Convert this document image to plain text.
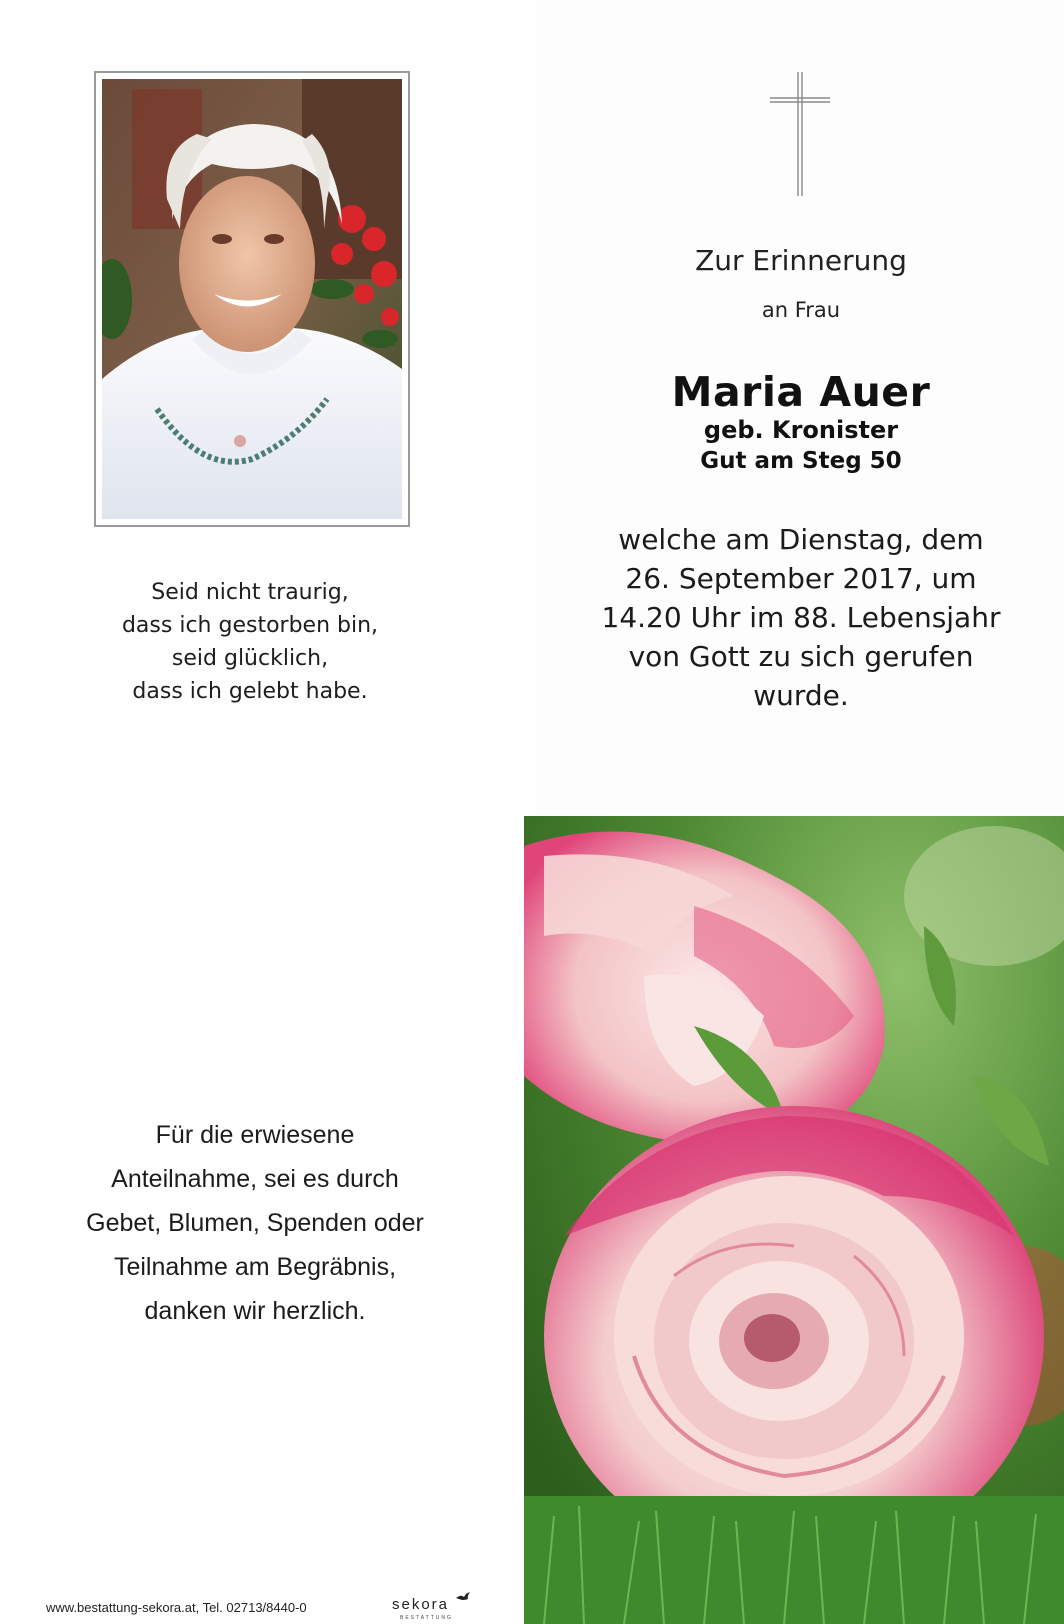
Seid nicht traurig,
dass ich gestorben bin,
seid glücklich,
dass ich gelebt habe.
Zur Erinnerung
an Frau
Maria Auer
geb. Kronister
Gut am Steg 50
welche am Dienstag, dem
26. September 2017, um
14.20 Uhr im 88. Lebensjahr
von Gott zu sich gerufen
wurde.
Für die erwiesene
Anteilnahme, sei es durch
Gebet, Blumen, Spenden oder
Teilnahme am Begräbnis,
danken wir herzlich.
www.bestattung-sekora.at, Tel. 02713/8440-0	sekora
BESTATTUNG
